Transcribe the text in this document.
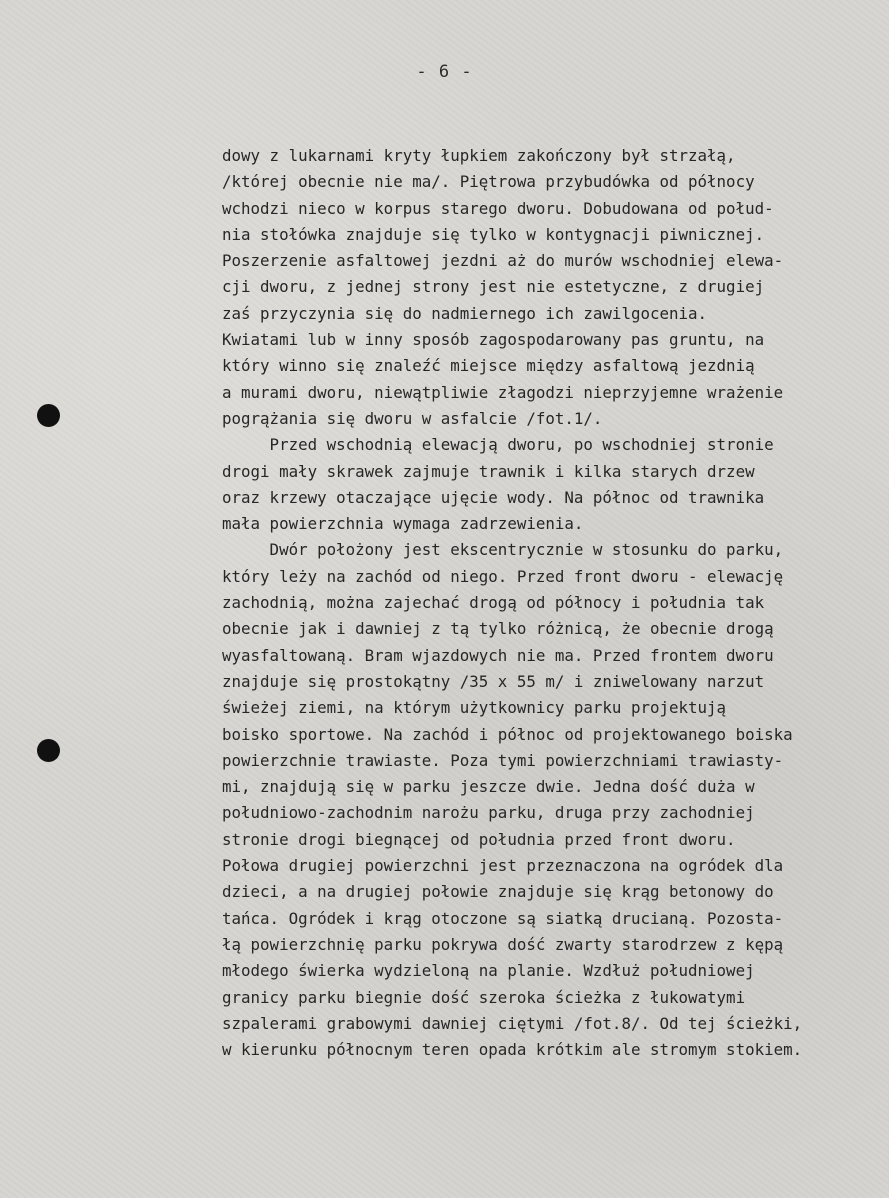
- 6 -
dowy z lukarnami kryty łupkiem zakończony był strzałą,
/której obecnie nie ma/. Piętrowa przybudówka od północy
wchodzi nieco w korpus starego dworu. Dobudowana od połud-
nia stołówka znajduje się tylko w kontygnacji piwnicznej.
Poszerzenie asfaltowej jezdni aż do murów wschodniej elewa-
cji dworu, z jednej strony jest nie estetyczne, z drugiej
zaś przyczynia się do nadmiernego ich zawilgocenia.
Kwiatami lub w inny sposób zagospodarowany pas gruntu, na
który winno się znaleźć miejsce między asfaltową jezdnią
a murami dworu, niewątpliwie złagodzi nieprzyjemne wrażenie
pogrążania się dworu w asfalcie /fot.1/.
Przed wschodnią elewacją dworu, po wschodniej stronie
drogi mały skrawek zajmuje trawnik i kilka starych drzew
oraz krzewy otaczające ujęcie wody. Na północ od trawnika
mała powierzchnia wymaga zadrzewienia.
Dwór położony jest ekscentrycznie w stosunku do parku,
który leży na zachód od niego. Przed front dworu - elewację
zachodnią, można zajechać drogą od północy i południa tak
obecnie jak i dawniej z tą tylko różnicą, że obecnie drogą
wyasfaltowaną. Bram wjazdowych nie ma. Przed frontem dworu
znajduje się prostokątny /35 x 55 m/ i zniwelowany narzut
świeżej ziemi, na którym użytkownicy parku projektują
boisko sportowe. Na zachód i północ od projektowanego boiska
powierzchnie trawiaste. Poza tymi powierzchniami trawiasty-
mi, znajdują się w parku jeszcze dwie. Jedna dość duża w
południowo-zachodnim narożu parku, druga przy zachodniej
stronie drogi biegnącej od południa przed front dworu.
Połowa drugiej powierzchni jest przeznaczona na ogródek dla
dzieci, a na drugiej połowie znajduje się krąg betonowy do
tańca. Ogródek i krąg otoczone są siatką drucianą. Pozosta-
łą powierzchnię parku pokrywa dość zwarty starodrzew z kępą
młodego świerka wydzieloną na planie. Wzdłuż południowej
granicy parku biegnie dość szeroka ścieżka z łukowatymi
szpalerami grabowymi dawniej ciętymi /fot.8/. Od tej ścieżki,
w kierunku północnym teren opada krótkim ale stromym stokiem.
